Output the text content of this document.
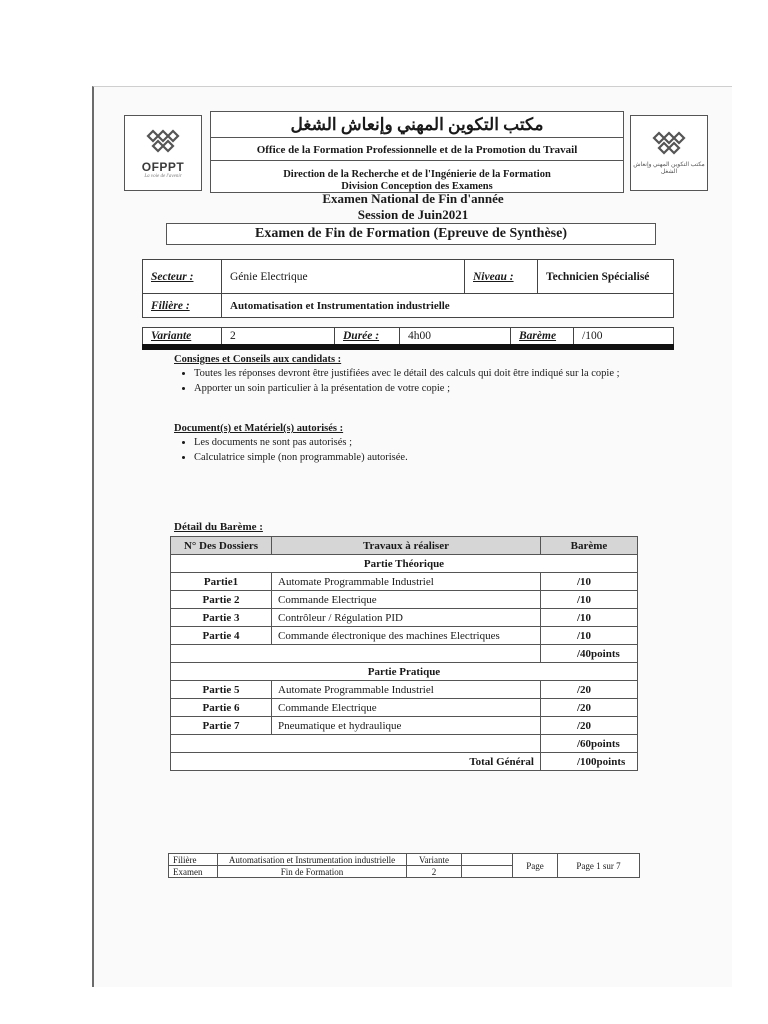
OFPPT
La voie de l'avenir
مكتب التكوين المهني وإنعاش الشغل
Office de la Formation Professionnelle et de la Promotion du Travail
Direction de la Recherche et de l'Ingénierie de la Formation
Division Conception des Examens
مكتب التكوين المهني وإنعاش الشغل
Examen National de Fin d'année
Session de Juin2021
Examen de Fin de Formation (Epreuve de Synthèse)
Secteur :	Génie Electrique	Niveau :	Technicien Spécialisé
Filière :	Automatisation et Instrumentation industrielle		
Variante	2	Durée :	4h00	Barème	/100
Consignes et Conseils aux candidats :
• Toutes les réponses devront être justifiées avec le détail des calculs qui doit être indiqué sur la copie ;
• Apporter un soin particulier à la présentation de votre copie ;
Document(s) et Matériel(s) autorisés :
• Les documents ne sont pas autorisés ;
• Calculatrice simple (non programmable) autorisée.
Détail du Barème :
N° Des Dossiers	Travaux à réaliser	Barème
Partie Théorique		
Partie1	Automate Programmable Industriel	/10
Partie 2	Commande Electrique	/10
Partie 3	Contrôleur / Régulation PID	/10
Partie 4	Commande électronique des machines Electriques	/10
		/40points
Partie Pratique		
Partie 5	Automate Programmable Industriel	/20
Partie 6	Commande Electrique	/20
Partie 7	Pneumatique et hydraulique	/20
		/60points
Total Général		/100points
Filière	Automatisation et Instrumentation industrielle	Variante		Page	Page 1 sur 7
Examen	Fin de Formation	2			
